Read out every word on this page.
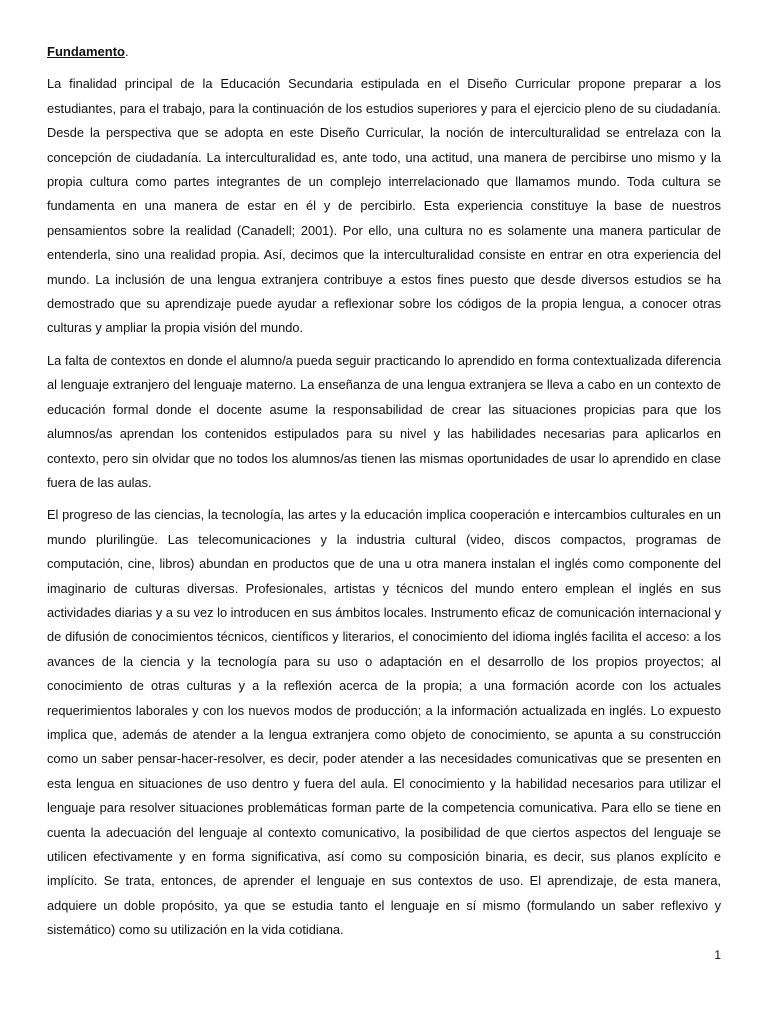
Fundamento.

La finalidad principal de la Educación Secundaria estipulada en el Diseño Curricular propone preparar a los estudiantes, para el trabajo, para la continuación de los estudios superiores y para el ejercicio pleno de su ciudadanía. Desde la perspectiva que se adopta en este Diseño Curricular, la noción de interculturalidad se entrelaza con la concepción de ciudadanía. La interculturalidad es, ante todo, una actitud, una manera de percibirse uno mismo y la propia cultura como partes integrantes de un complejo interrelacionado que llamamos mundo. Toda cultura se fundamenta en una manera de estar en él y de percibirlo. Esta experiencia constituye la base de nuestros pensamientos sobre la realidad (Canadell; 2001). Por ello, una cultura no es solamente una manera particular de entenderla, sino una realidad propia. Así, decimos que la interculturalidad consiste en entrar en otra experiencia del mundo. La inclusión de una lengua extranjera contribuye a estos fines puesto que desde diversos estudios se ha demostrado que su aprendizaje puede ayudar a reflexionar sobre los códigos de la propia lengua, a conocer otras culturas y ampliar la propia visión del mundo.

La falta de contextos en donde el alumno/a pueda seguir practicando lo aprendido en forma contextualizada diferencia al lenguaje extranjero del lenguaje materno. La enseñanza de una lengua extranjera se lleva a cabo en un contexto de educación formal donde el docente asume la responsabilidad de crear las situaciones propicias para que los alumnos/as aprendan los contenidos estipulados para su nivel y las habilidades necesarias para aplicarlos en contexto, pero sin olvidar que no todos los alumnos/as tienen las mismas oportunidades de usar lo aprendido en clase fuera de las aulas.

El progreso de las ciencias, la tecnología, las artes y la educación implica cooperación e intercambios culturales en un mundo plurilingüe. Las telecomunicaciones y la industria cultural (video, discos compactos, programas de computación, cine, libros) abundan en productos que de una u otra manera instalan el inglés como componente del imaginario de culturas diversas. Profesionales, artistas y técnicos del mundo entero emplean el inglés en sus actividades diarias y a su vez lo introducen en sus ámbitos locales. Instrumento eficaz de comunicación internacional y de difusión de conocimientos técnicos, científicos y literarios, el conocimiento del idioma inglés facilita el acceso: a los avances de la ciencia y la tecnología para su uso o adaptación en el desarrollo de los propios proyectos; al conocimiento de otras culturas y a la reflexión acerca de la propia; a una formación acorde con los actuales requerimientos laborales y con los nuevos modos de producción; a la información actualizada en inglés. Lo expuesto implica que, además de atender a la lengua extranjera como objeto de conocimiento, se apunta a su construcción como un saber pensar-hacer-resolver, es decir, poder atender a las necesidades comunicativas que se presenten en esta lengua en situaciones de uso dentro y fuera del aula. El conocimiento y la habilidad necesarios para utilizar el lenguaje para resolver situaciones problemáticas forman parte de la competencia comunicativa. Para ello se tiene en cuenta la adecuación del lenguaje al contexto comunicativo, la posibilidad de que ciertos aspectos del lenguaje se utilicen efectivamente y en forma significativa, así como su composición binaria, es decir, sus planos explícito e implícito. Se trata, entonces, de aprender el lenguaje en sus contextos de uso. El aprendizaje, de esta manera, adquiere un doble propósito, ya que se estudia tanto el lenguaje en sí mismo (formulando un saber reflexivo y sistemático) como su utilización en la vida cotidiana.

1
